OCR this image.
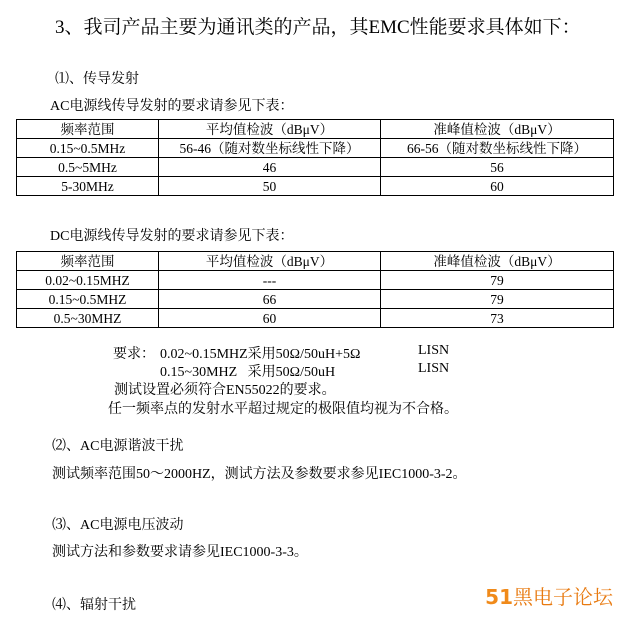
3、我司产品主要为通讯类的产品，其EMC性能要求具体如下：
⑴、传导发射
AC电源线传导发射的要求请参见下表：
频率范围	平均值检波（dBμV）	准峰值检波（dBμV）
0.15~0.5MHz	56-46（随对数坐标线性下降）	66-56（随对数坐标线性下降）
0.5~5MHz	46	56
5-30MHz	50	60
DC电源线传导发射的要求请参见下表：
频率范围	平均值检波（dBμV）	准峰值检波（dBμV）
0.02~0.15MHZ	---	79
0.15~0.5MHZ	66	79
0.5~30MHZ	60	73
要求： 0.02~0.15MHZ采用50Ω/50uH+5Ω	LISN
0.15~30MHZ   采用50Ω/50uH	LISN
测试设置必须符合EN55022的要求。
任一频率点的发射水平超过规定的极限值均视为不合格。
⑵、AC电源谐波干扰
测试频率范围50～2000HZ，测试方法及参数要求参见IEC1000-3-2。
⑶、AC电源电压波动
测试方法和参数要求请参见IEC1000-3-3。
⑷、辐射干扰	51黑电子论坛
